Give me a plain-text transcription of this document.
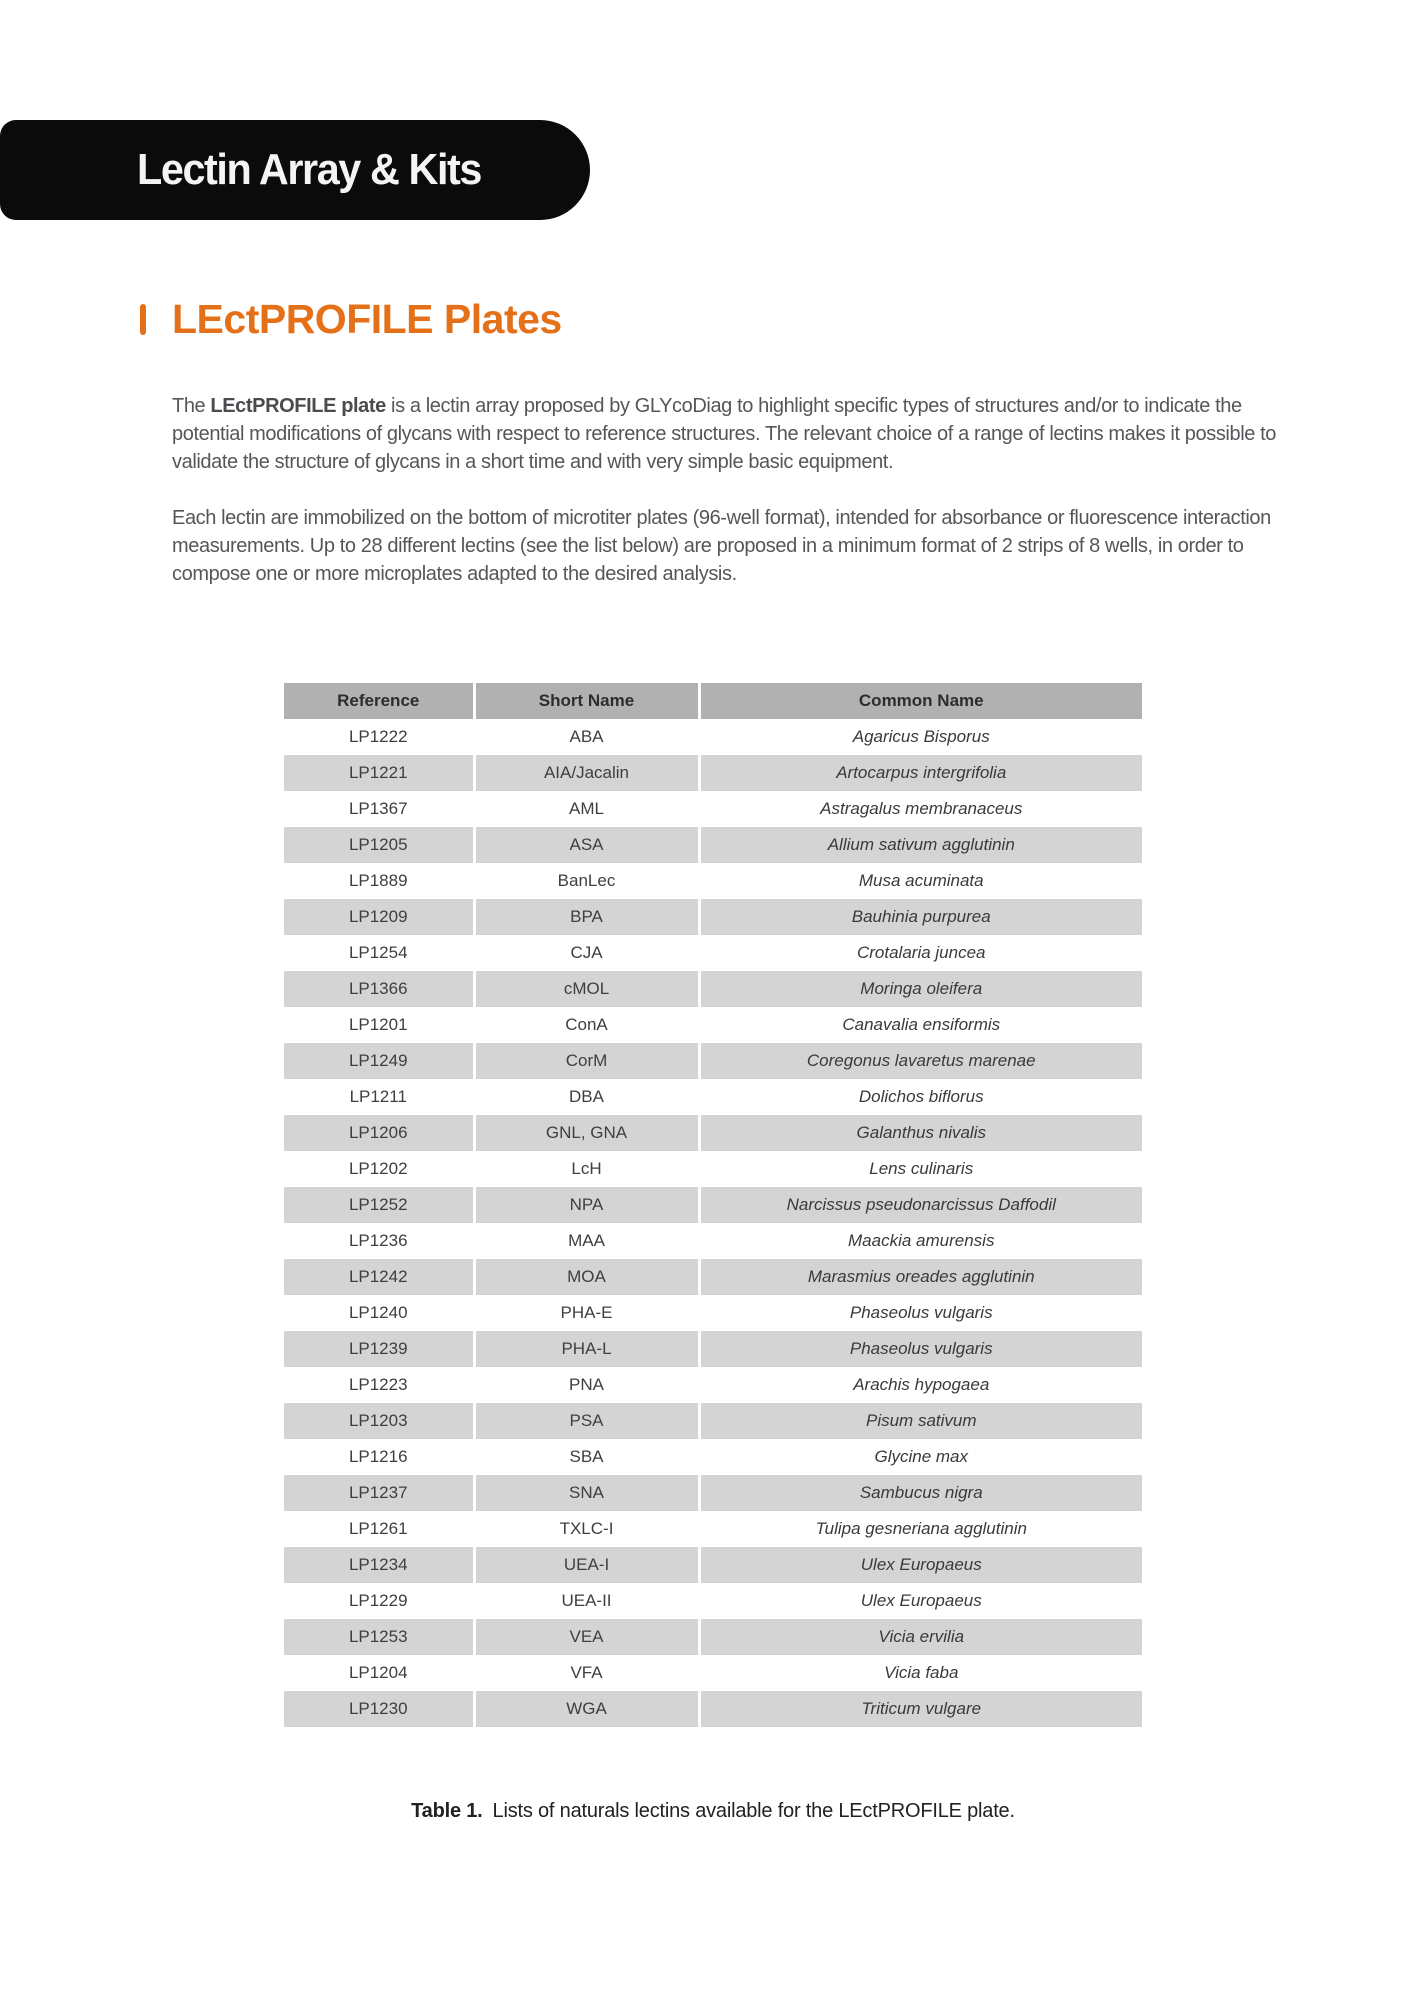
Lectin Array & Kits
LEctPROFILE Plates

The LEctPROFILE plate is a lectin array proposed by GLYcoDiag to highlight specific types of structures and/or to indicate the potential modifications of glycans with respect to reference structures. The relevant choice of a range of lectins makes it possible to validate the structure of glycans in a short time and with very simple basic equipment.

Each lectin are immobilized on the bottom of microtiter plates (96-well format), intended for absorbance or fluorescence interaction measurements. Up to 28 different lectins (see the list below) are proposed in a minimum format of 2 strips of 8 wells, in order to compose one or more microplates adapted to the desired analysis.

Reference	Short Name	Common Name
LP1222	ABA	Agaricus Bisporus
LP1221	AIA/Jacalin	Artocarpus intergrifolia
LP1367	AML	Astragalus membranaceus
LP1205	ASA	Allium sativum agglutinin
LP1889	BanLec	Musa acuminata
LP1209	BPA	Bauhinia purpurea
LP1254	CJA	Crotalaria juncea
LP1366	cMOL	Moringa oleifera
LP1201	ConA	Canavalia ensiformis
LP1249	CorM	Coregonus lavaretus marenae
LP1211	DBA	Dolichos biflorus
LP1206	GNL, GNA	Galanthus nivalis
LP1202	LcH	Lens culinaris
LP1252	NPA	Narcissus pseudonarcissus Daffodil
LP1236	MAA	Maackia amurensis
LP1242	MOA	Marasmius oreades agglutinin
LP1240	PHA-E	Phaseolus vulgaris
LP1239	PHA-L	Phaseolus vulgaris
LP1223	PNA	Arachis hypogaea
LP1203	PSA	Pisum sativum
LP1216	SBA	Glycine max
LP1237	SNA	Sambucus nigra
LP1261	TXLC-I	Tulipa gesneriana agglutinin
LP1234	UEA-I	Ulex Europaeus
LP1229	UEA-II	Ulex Europaeus
LP1253	VEA	Vicia ervilia
LP1204	VFA	Vicia faba
LP1230	WGA	Triticum vulgare
Table 1. Lists of naturals lectins available for the LEctPROFILE plate.
